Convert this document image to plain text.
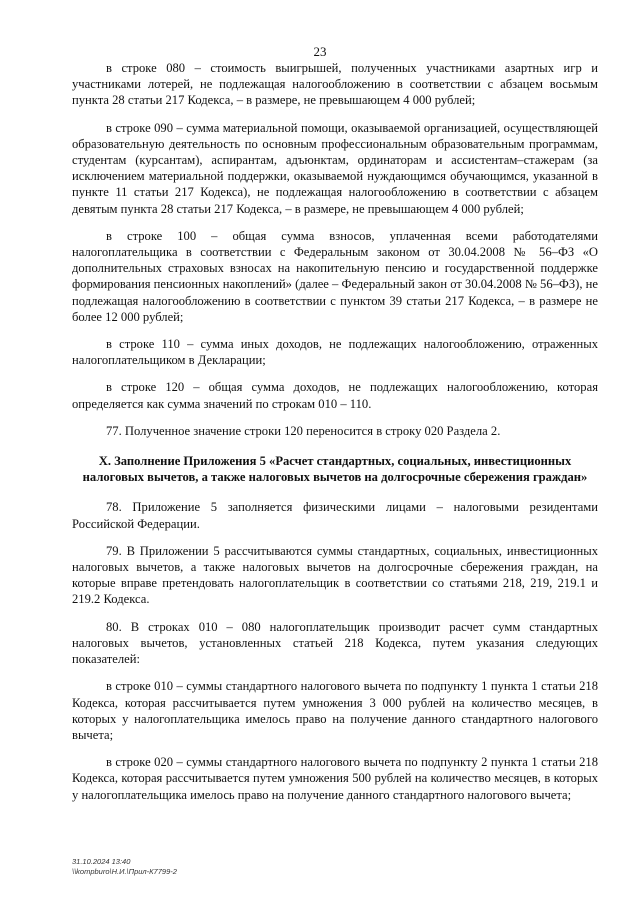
23

в строке 080 – стоимость выигрышей, полученных участниками азартных игр и участниками лотерей, не подлежащая налогообложению в соответствии с абзацем восьмым пункта 28 статьи 217 Кодекса, – в размере, не превышающем 4 000 рублей;

в строке 090 – сумма материальной помощи, оказываемой организацией, осуществляющей образовательную деятельность по основным профессиональным образовательным программам, студентам (курсантам), аспирантам, адъюнктам, ординаторам и ассистентам–стажерам (за исключением материальной поддержки, оказываемой нуждающимся обучающимся, указанной в пункте 11 статьи 217 Кодекса), не подлежащая налогообложению в соответствии с абзацем девятым пункта 28 статьи 217 Кодекса, – в размере, не превышающем 4 000 рублей;

в строке 100 – общая сумма взносов, уплаченная всеми работодателями налогоплательщика в соответствии с Федеральным законом от 30.04.2008 № 56–ФЗ «О дополнительных страховых взносах на накопительную пенсию и государственной поддержке формирования пенсионных накоплений» (далее – Федеральный закон от 30.04.2008 № 56–ФЗ), не подлежащая налогообложению в соответствии с пунктом 39 статьи 217 Кодекса, – в размере не более 12 000 рублей;

в строке 110 – сумма иных доходов, не подлежащих налогообложению, отраженных налогоплательщиком в Декларации;

в строке 120 – общая сумма доходов, не подлежащих налогообложению, которая определяется как сумма значений по строкам 010 – 110.

77. Полученное значение строки 120 переносится в строку 020 Раздела 2.

X. Заполнение Приложения 5 «Расчет стандартных, социальных, инвестиционных налоговых вычетов, а также налоговых вычетов на долгосрочные сбережения граждан»

78. Приложение 5 заполняется физическими лицами – налоговыми резидентами Российской Федерации.

79. В Приложении 5 рассчитываются суммы стандартных, социальных, инвестиционных налоговых вычетов, а также налоговых вычетов на долгосрочные сбережения граждан, на которые вправе претендовать налогоплательщик в соответствии со статьями 218, 219, 219.1 и 219.2 Кодекса.

80. В строках 010 – 080 налогоплательщик производит расчет сумм стандартных налоговых вычетов, установленных статьей 218 Кодекса, путем указания следующих показателей:

в строке 010 – суммы стандартного налогового вычета по подпункту 1 пункта 1 статьи 218 Кодекса, которая рассчитывается путем умножения 3 000 рублей на количество месяцев, в которых у налогоплательщика имелось право на получение данного стандартного налогового вычета;

в строке 020 – суммы стандартного налогового вычета по подпункту 2 пункта 1 статьи 218 Кодекса, которая рассчитывается путем умножения 500 рублей на количество месяцев, в которых у налогоплательщика имелось право на получение данного стандартного налогового вычета;

31.10.2024 13:40
\\kompburo\Н.И.\Прил-К7799-2
